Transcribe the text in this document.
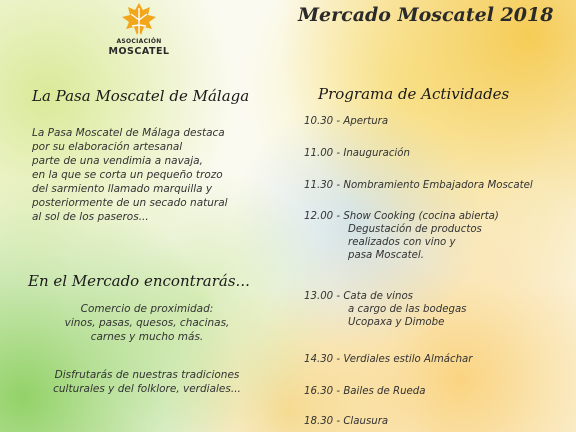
ASOCIACIÓN
MOSCATEL
Mercado Moscatel 2018
La Pasa Moscatel de Málaga
La Pasa Moscatel de Málaga destaca
por su elaboración artesanal
parte de una vendimia a navaja,
en la que se corta un pequeño trozo
del sarmiento llamado marquilla y
posteriormente de un secado natural
al sol de los paseros...
En el Mercado encontrarás...
Comercio de proximidad:
vinos, pasas, quesos, chacinas,
carnes y mucho más.
Disfrutarás de nuestras tradiciones
culturales y del folklore, verdiales...
Programa de Actividades
10.30 - Apertura
11.00 - Inauguración
11.30 - Nombramiento Embajadora Moscatel
12.00 - Show Cooking (cocina abierta)
Degustación de productos
realizados con vino y
pasa Moscatel.
13.00 - Cata de vinos
a cargo de las bodegas
Ucopaxa y Dimobe
14.30 - Verdiales estilo Almáchar
16.30 - Bailes de Rueda
18.30 - Clausura
